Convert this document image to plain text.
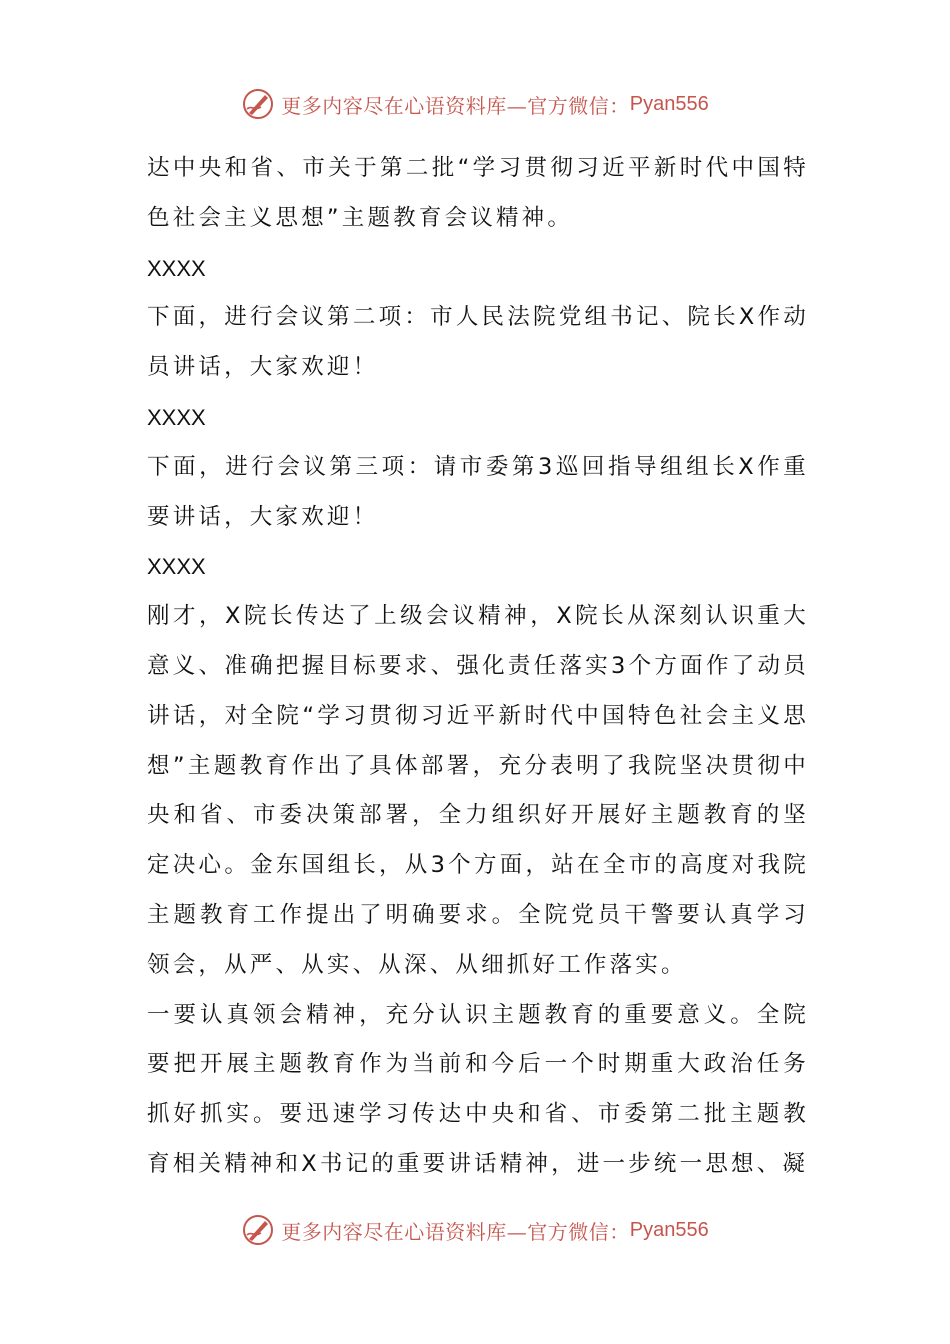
更多内容尽在心语资料库—官方微信： Pyan556

达中央和省、市关于第二批“学习贯彻习近平新时代中国特色社会主义思想”主题教育会议精神。

XXXX

下面，进行会议第二项：市人民法院党组书记、院长X作动员讲话，大家欢迎！

XXXX

下面，进行会议第三项：请市委第3巡回指导组组长X作重要讲话，大家欢迎！

XXXX

刚才，X院长传达了上级会议精神，X院长从深刻认识重大意义、准确把握目标要求、强化责任落实3个方面作了动员讲话，对全院“学习贯彻习近平新时代中国特色社会主义思想”主题教育作出了具体部署，充分表明了我院坚决贯彻中央和省、市委决策部署，全力组织好开展好主题教育的坚定决心。金东国组长，从3个方面，站在全市的高度对我院主题教育工作提出了明确要求。全院党员干警要认真学习领会，从严、从实、从深、从细抓好工作落实。

一要认真领会精神，充分认识主题教育的重要意义。全院要把开展主题教育作为当前和今后一个时期重大政治任务抓好抓实。要迅速学习传达中央和省、市委第二批主题教育相关精神和X书记的重要讲话精神，进一步统一思想、凝

更多内容尽在心语资料库—官方微信： Pyan556
